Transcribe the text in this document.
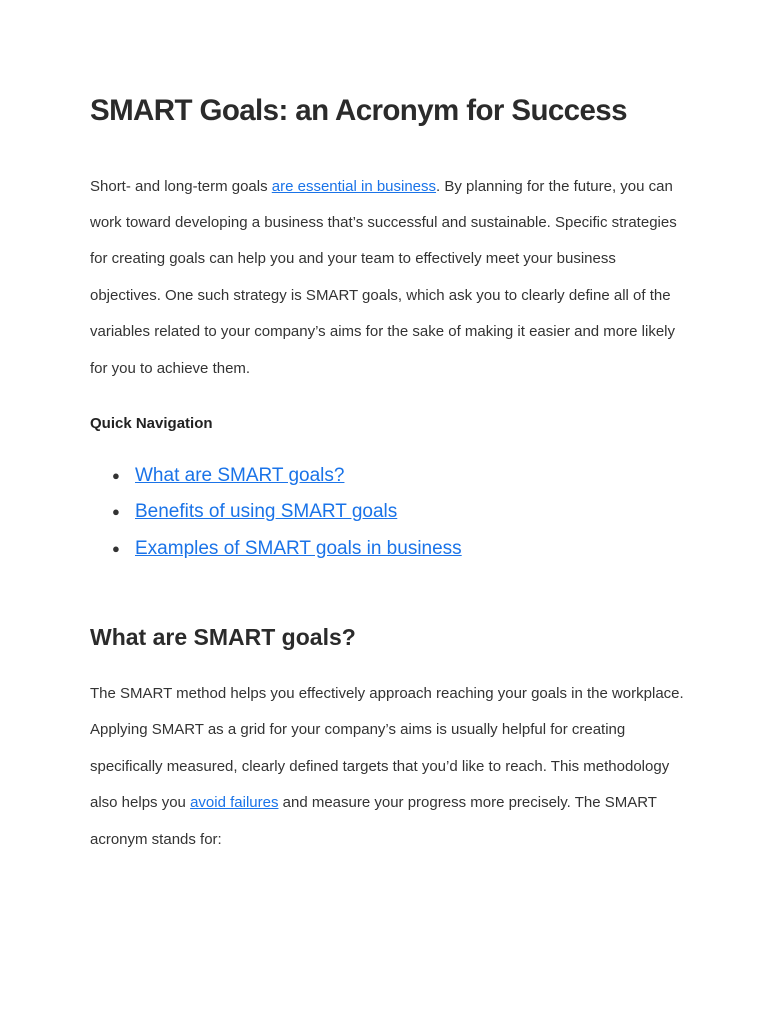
SMART Goals: an Acronym for Success

Short- and long-term goals are essential in business. By planning for the future, you can work toward developing a business that’s successful and sustainable. Specific strategies for creating goals can help you and your team to effectively meet your business objectives. One such strategy is SMART goals, which ask you to clearly define all of the variables related to your company’s aims for the sake of making it easier and more likely for you to achieve them.

Quick Navigation
● What are SMART goals?
● Benefits of using SMART goals
● Examples of SMART goals in business
What are SMART goals?

The SMART method helps you effectively approach reaching your goals in the workplace. Applying SMART as a grid for your company’s aims is usually helpful for creating specifically measured, clearly defined targets that you’d like to reach. This methodology also helps you avoid failures and measure your progress more precisely. The SMART acronym stands for:
